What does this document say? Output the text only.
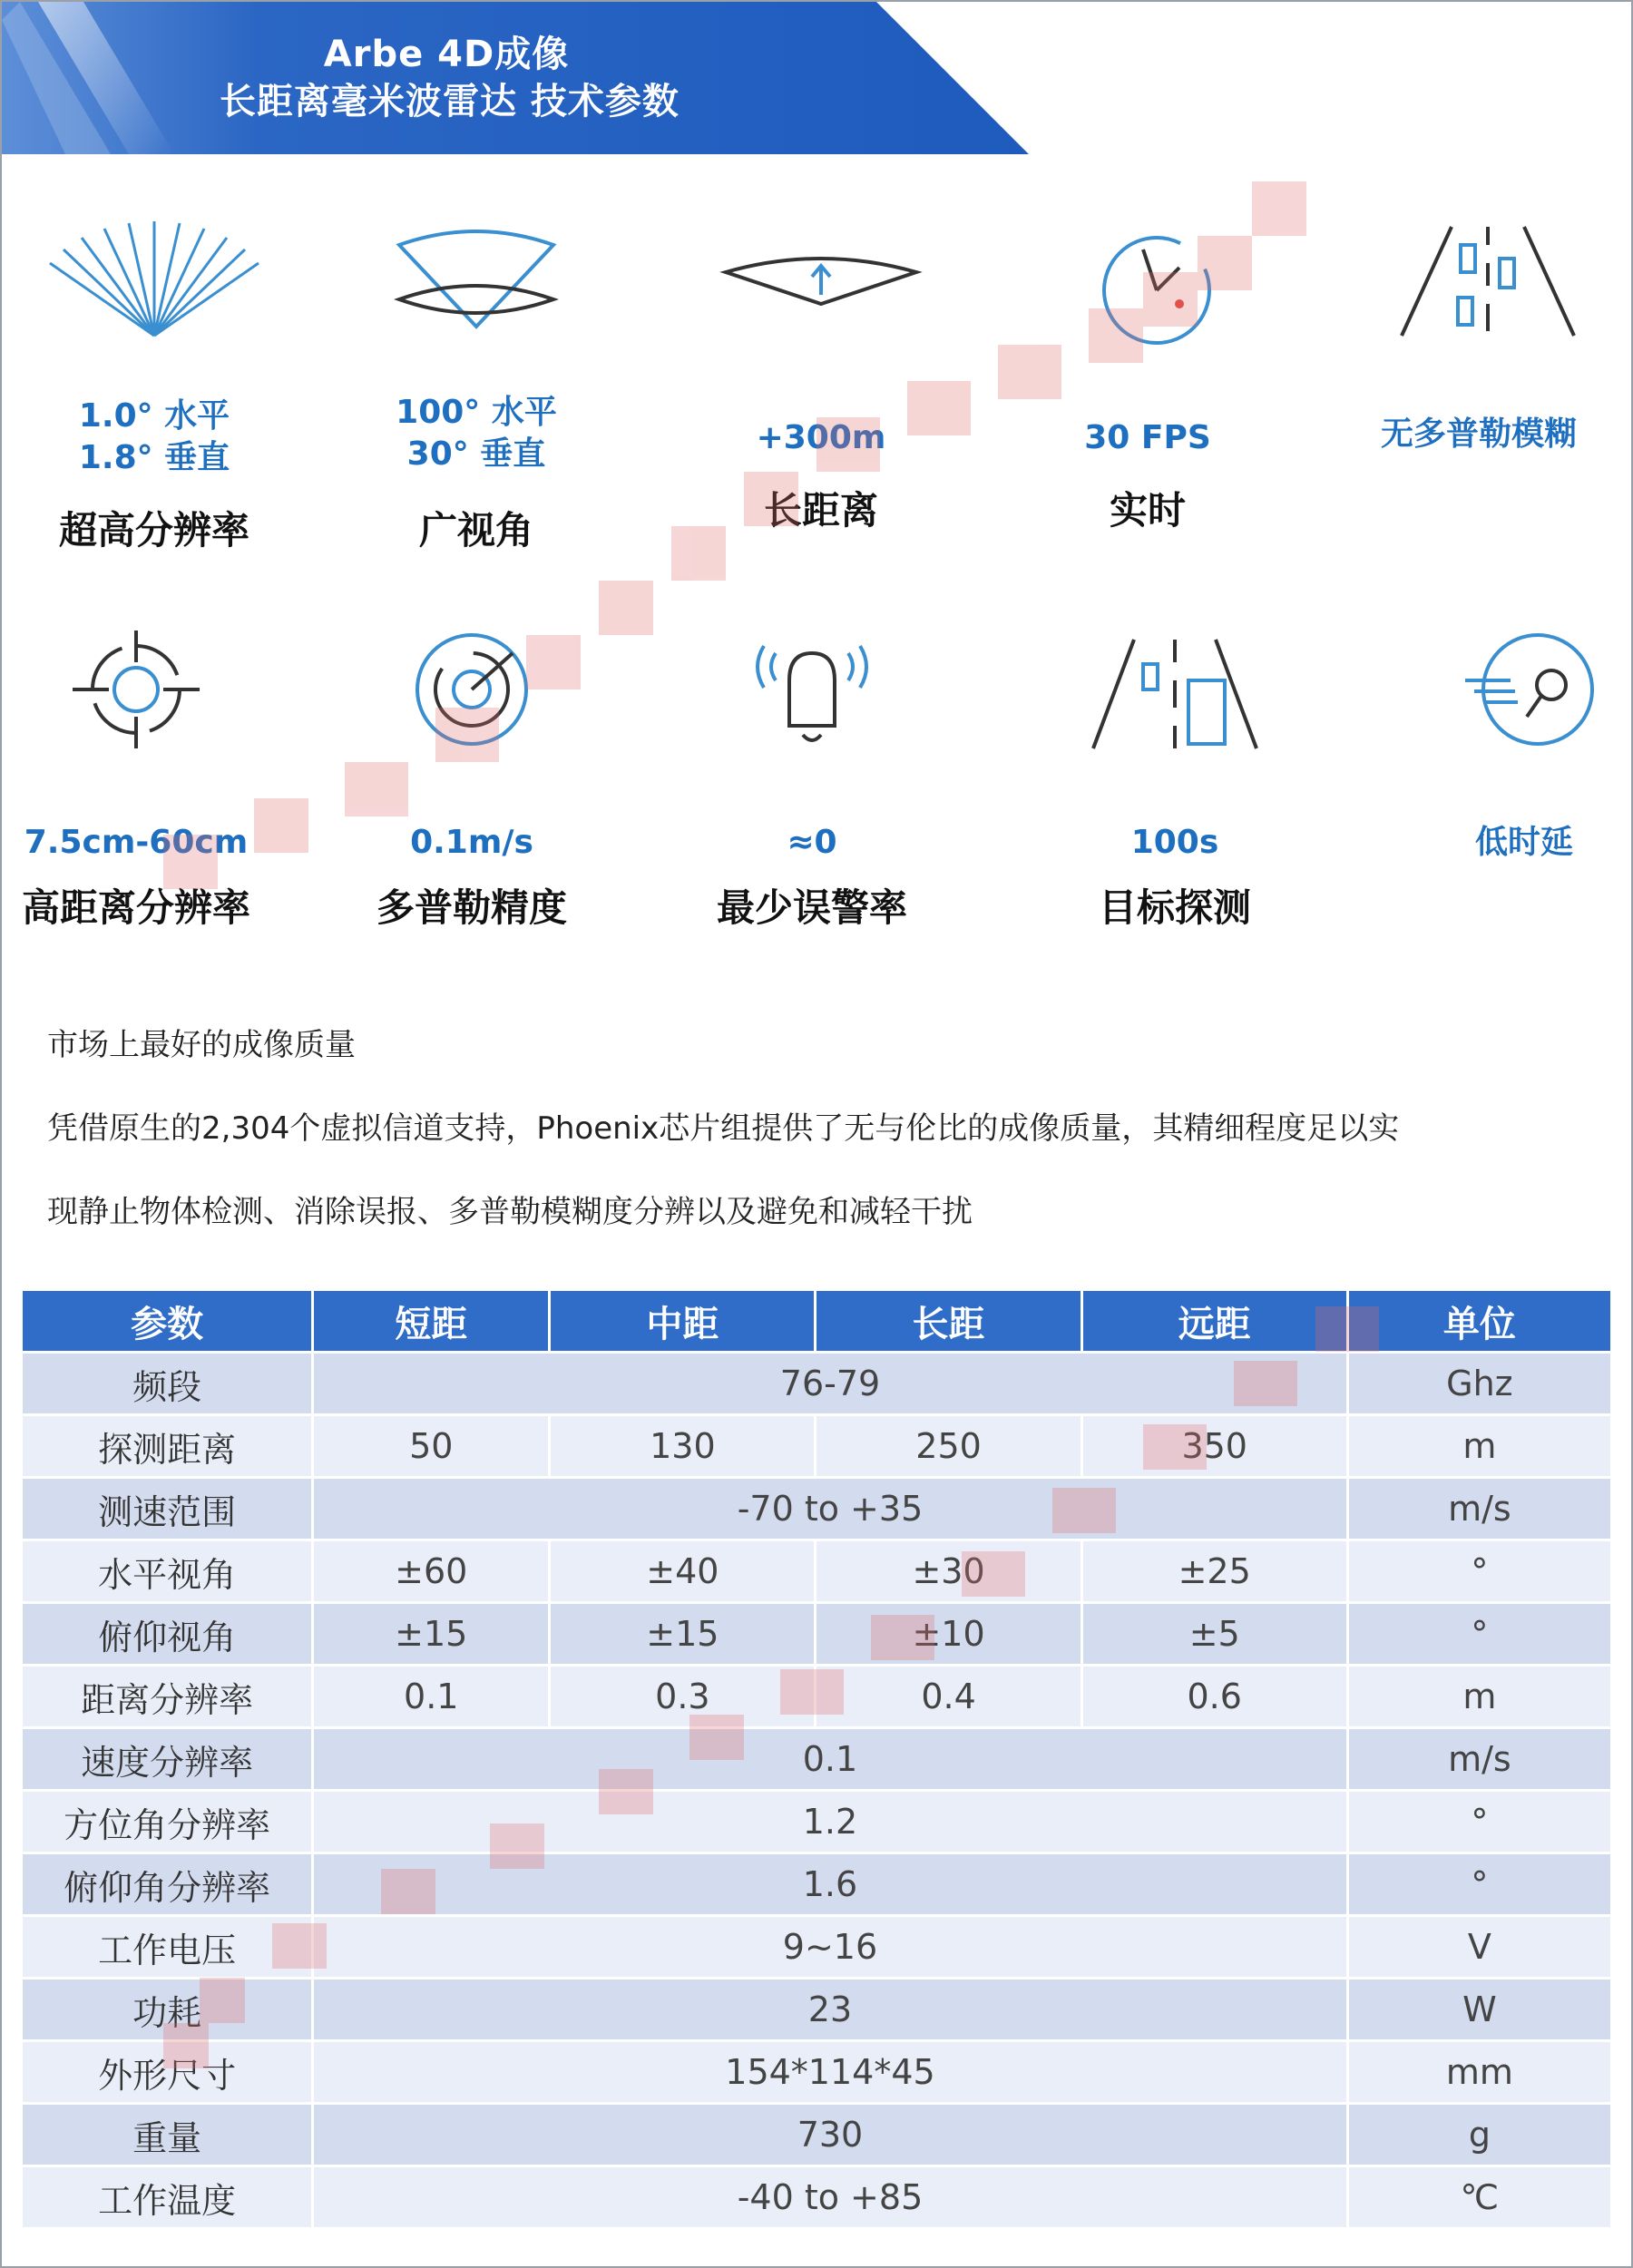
Arbe 4D成像
长距离毫米波雷达 技术参数
1.0° 水平
1.8° 垂直
超高分辨率
100° 水平
30° 垂直
广视角
+300m
长距离
30 FPS
实时
无多普勒模糊
7.5cm-60cm
高距离分辨率
0.1m/s
多普勒精度
≈0
最少误警率
100s
目标探测
低时延
市场上最好的成像质量
凭借原生的2,304个虚拟信道支持，Phoenix芯片组提供了无与伦比的成像质量，其精细程度足以实
现静止物体检测、消除误报、多普勒模糊度分辨以及避免和减轻干扰
参数	短距	中距	长距	远距	单位
频段	76-79				Ghz
探测距离	50	130	250	350	m
测速范围	-70 to +35				m/s
水平视角	±60	±40	±30	±25	°
俯仰视角	±15	±15	±10	±5	°
距离分辨率	0.1	0.3	0.4	0.6	m
速度分辨率	0.1				m/s
方位角分辨率	1.2				°
俯仰角分辨率	1.6				°
工作电压	9~16				V
功耗	23				W
外形尺寸	154*114*45				mm
重量	730				g
工作温度	-40 to +85				℃
